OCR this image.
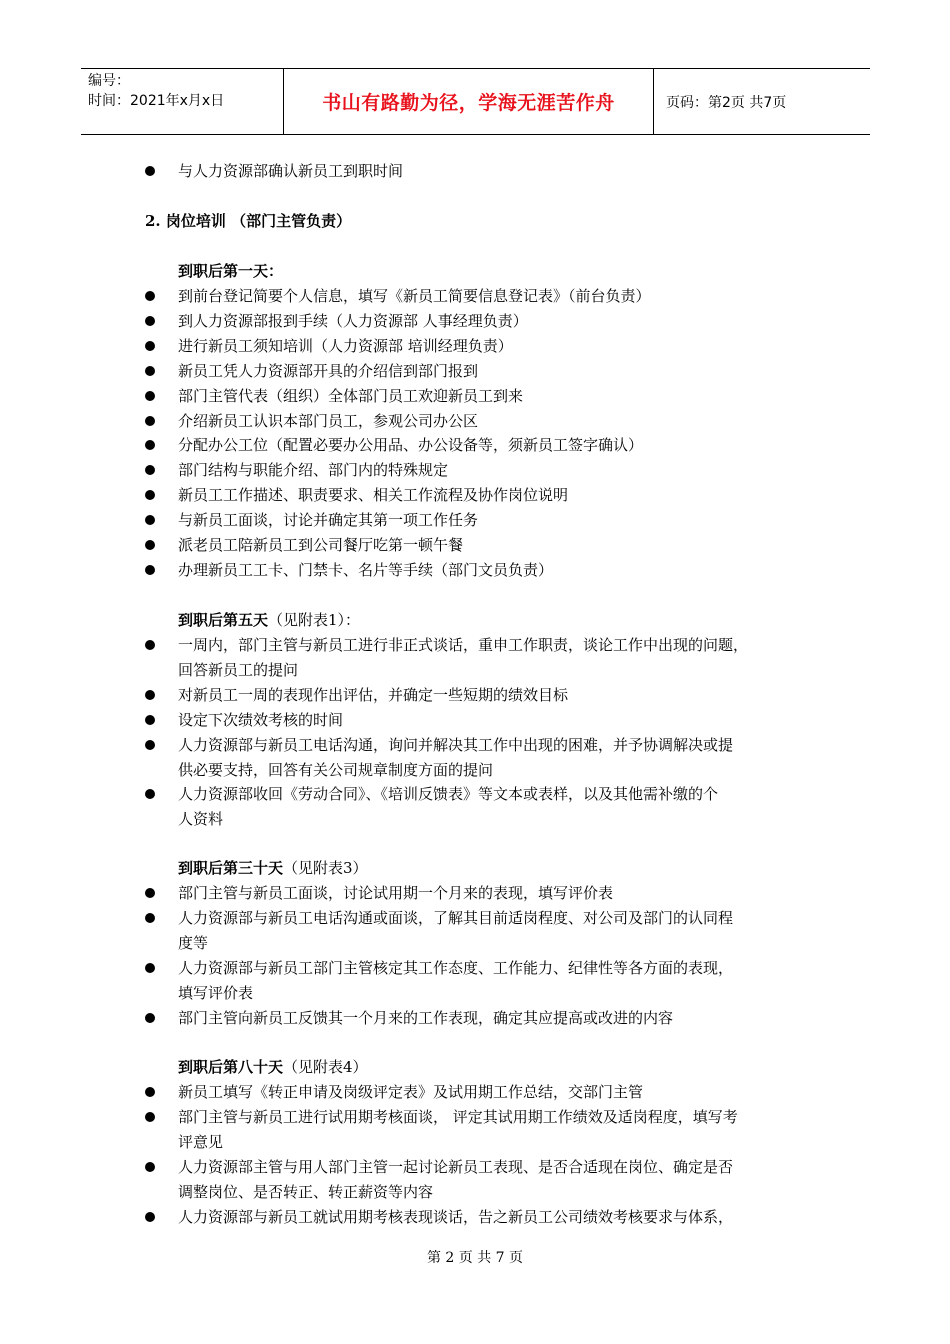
编号：
时间：2021年x月x日	书山有路勤为径，学海无涯苦作舟	页码：第2页 共7页
与人力资源部确认新员工到职时间
2. 岗位培训 （部门主管负责）
到职后第一天：
到前台登记简要个人信息，填写《新员工简要信息登记表》（前台负责）
到人力资源部报到手续（人力资源部 人事经理负责）
进行新员工须知培训（人力资源部 培训经理负责）
新员工凭人力资源部开具的介绍信到部门报到
部门主管代表（组织）全体部门员工欢迎新员工到来
介绍新员工认识本部门员工，参观公司办公区
分配办公工位（配置必要办公用品、办公设备等，须新员工签字确认）
部门结构与职能介绍、部门内的特殊规定
新员工工作描述、职责要求、相关工作流程及协作岗位说明
与新员工面谈，讨论并确定其第一项工作任务
派老员工陪新员工到公司餐厅吃第一顿午餐
办理新员工工卡、门禁卡、名片等手续（部门文员负责）
到职后第五天（见附表1）：
一周内，部门主管与新员工进行非正式谈话，重申工作职责，谈论工作中出现的问题，
回答新员工的提问
对新员工一周的表现作出评估，并确定一些短期的绩效目标
设定下次绩效考核的时间
人力资源部与新员工电话沟通，询问并解决其工作中出现的困难，并予协调解决或提
供必要支持，回答有关公司规章制度方面的提问
人力资源部收回《劳动合同》、《培训反馈表》等文本或表样，以及其他需补缴的个
人资料
到职后第三十天（见附表3）
部门主管与新员工面谈，讨论试用期一个月来的表现，填写评价表
人力资源部与新员工电话沟通或面谈，了解其目前适岗程度、对公司及部门的认同程
度等
人力资源部与新员工部门主管核定其工作态度、工作能力、纪律性等各方面的表现，
填写评价表
部门主管向新员工反馈其一个月来的工作表现，确定其应提高或改进的内容
到职后第八十天（见附表4）
新员工填写《转正申请及岗级评定表》及试用期工作总结，交部门主管
部门主管与新员工进行试用期考核面谈， 评定其试用期工作绩效及适岗程度，填写考
评意见
人力资源部主管与用人部门主管一起讨论新员工表现、是否合适现在岗位、确定是否
调整岗位、是否转正、转正薪资等内容
人力资源部与新员工就试用期考核表现谈话，告之新员工公司绩效考核要求与体系，
第 2 页 共 7 页
